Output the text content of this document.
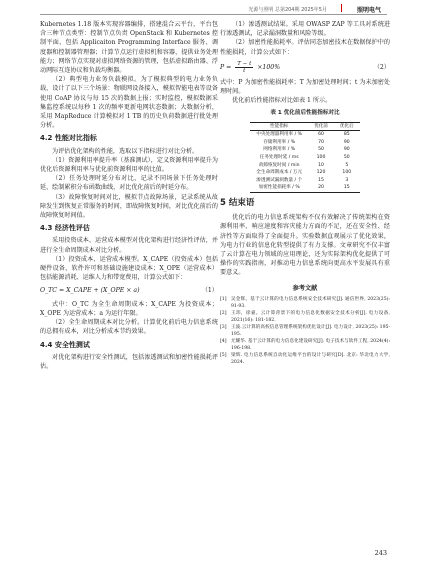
光源与照明 总第204期 2025年5月	照明电气

Kubernetes 1.18 版本实现容器编排，搭建混合云平台，平台包含三种节点类型：控制节点负责 OpenStack 和 Kubernetes 控制平面，包括 Applicaiton Programming Interface 服务、调度器和控制器管理器；计算节点运行虚拟机和容器，提供业务处理能力；网络节点实现对虚拟网络资源的管理，包括虚拟路由器、浮动网际互连协议和负载均衡器。

（2）典型电力业务负载模拟。为了模拟典型的电力业务负载，设计了以下三个场景：物联网设备接入，模拟智能电表等设备使用 CoAP 协议与每 15 次的数据上报；实时监控，模拟数据采集监控系统以每秒 1 次的频率更新电网状态数据；大数据分析，采用 MapReduce 计算模拟对 1 TB 的历史负荷数据进行批处理分析。

4.2 性能对比指标

为评估优化架构的性能，选取以下指标进行对比分析。

（1）资源利用率提升率（基准测试），定义资源利用率提升为优化后资源利用率与优化前资源利用率的比值。

（2）任务处理时延分布对比，记录不同场景下任务处理时延，绘制累积分布函数曲线，对比优化前后的时延分布。

（3）故障恢复时间对比，模拟节点故障场景，记录系统从故障发生到恢复正常服务的时间，即故障恢复时间，对比优化前后的故障恢复时间值。

4.3 经济性评估

采用投资成本、运营成本模型对优化架构进行经济性评估，并进行全生命周期成本对比分析。

（1）投资成本、运营成本模型。X_CAPE（投资成本）包括硬件设备、软件许可和基础设施建设成本；X_OPE（运营成本）包括能源消耗、运维人力和带宽费用，计算公式如下：

O_TC = X_CAPE + (X_OPE × a)	（1）

式中：O_TC 为全生命周期成本；X_CAPE 为投资成本；X_OPE 为运营成本；a 为运行年限。

（2）全生命周期成本对比分析。计算优化前后电力信息系统的总拥有成本，对比分析成本节约效果。

4.4 安全性测试

对优化架构进行安全性测试，包括渗透测试和加密性能损耗评估。

（1）渗透测试结果。采用 OWASP ZAP 等工具对系统进行渗透测试，记录漏洞数量和风险等级。

（2）加密性能损耗率。评估同态加密技术在数据保护中的性能损耗，计算公式如下：

$P = \frac{T - t}{t} \times 100\%$	（2）

式中：P 为加密性能损耗率；T 为加密处理时间；t 为未加密处理时间。

优化前后性能指标对比如表 1 所示。

表 1 优化前后性能指标对比
性能指标	优化前	优化后
中央处理器利用率 / %	60	85
存储利用率 / %	70	90
网络利用率 / %	50	90
任务处理时延 / ms	100	50
故障恢复时间 / min	10	5
全生命周期成本 / 万元	120	100
渗透测试漏洞数量 / 个	15	3
加密性能损耗率 / %	20	15
5 结束语

优化后的电力信息系统架构不仅有效解决了传统架构在资源利用率、响应速度和容灾能力方面的不足，还在安全性、经济性等方面取得了全面提升。实验数据直观展示了优化效果，为电力行业的信息化转型提供了有力支撑。文章研究不仅丰富了云计算在电力领域的应用理论，还为实际架构优化提供了可操作的实践指南，对推动电力信息系统向更高水平发展具有重要意义。

参考文献
[1] 吴金辉。基于云计算的电力信息系统安全技术研究[J]. 通信世界, 2023(25): 91-93.
[2] 王玮，徐嘉。云计算背景下的电力信息化数据安全技术分析[J]. 电力设备, 2021(16): 181-182.
[3] 王波.云计算的高校信息管理系统架构优化设计[J]. 电力设计, 2023(25): 195-195.
[4] 尤耀华. 基于云计算的电力信息化建设研究[J]. 电子技术与软件工程, 2024(4): 196-198.
[5] 梁辉. 电力信息系统自动化运维平台的设计与研究[D]. 北京: 华北电力大学, 2024.
243
